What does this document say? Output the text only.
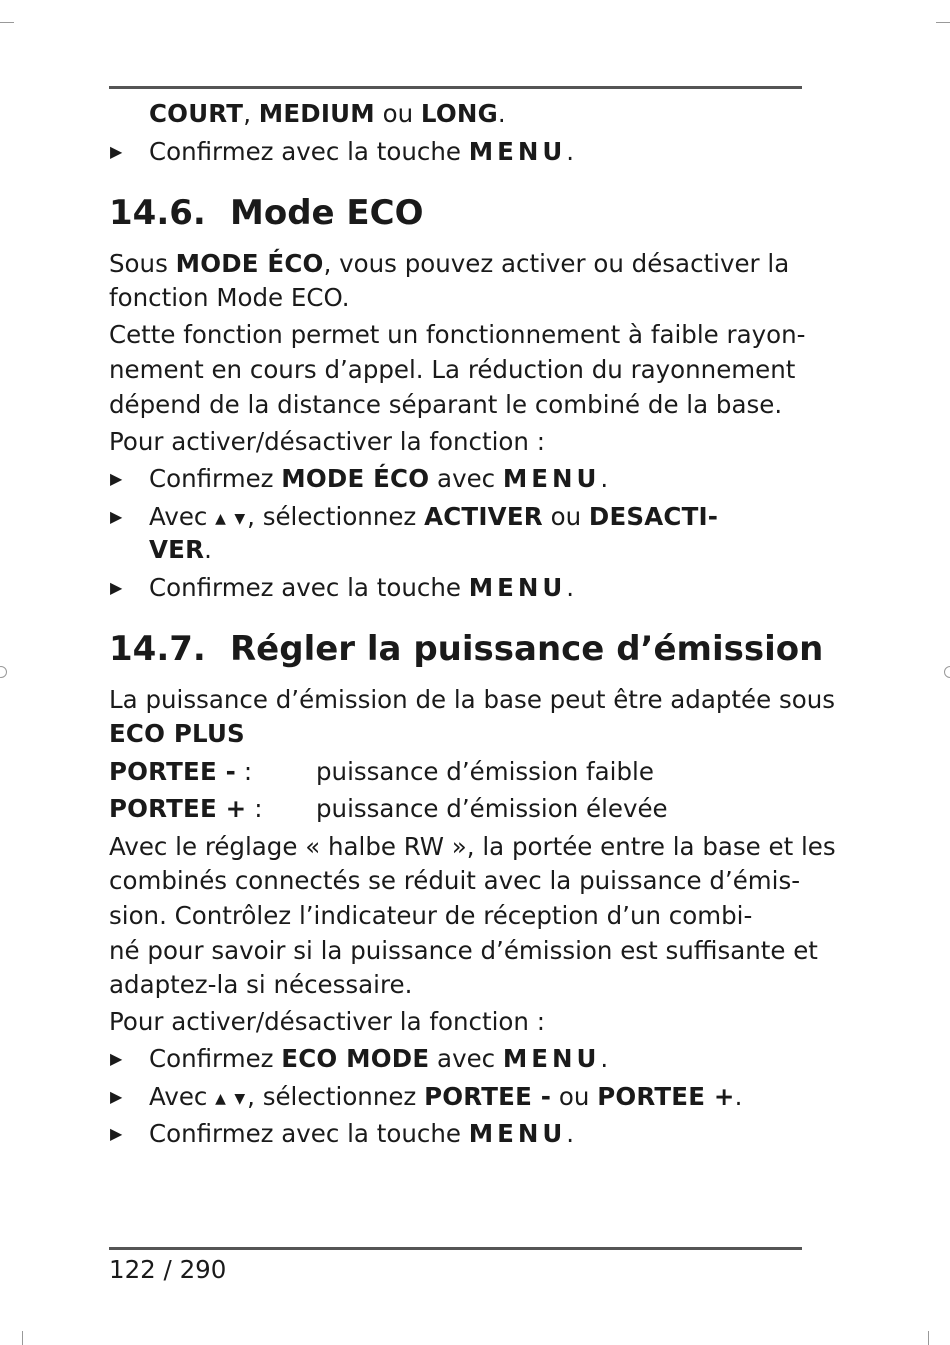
COURT, MEDIUM ou LONG.
▶ Confirmez avec la touche MENU.
14.6. Mode ECO
Sous MODE ÉCO, vous pouvez activer ou désactiver la
fonction Mode ECO.
Cette fonction permet un fonctionnement à faible rayon-
nement en cours d’appel. La réduction du rayonnement
dépend de la distance séparant le combiné de la base.
Pour activer/désactiver la fonction :
▶ Confirmez MODE ÉCO avec MENU.
▶ Avec ▲ ▼, sélectionnez ACTIVER ou DESACTI-
VER.
▶ Confirmez avec la touche MENU.
14.7. Régler la puissance d’émission
La puissance d’émission de la base peut être adaptée sous
ECO PLUS
PORTEE - :	puissance d’émission faible
PORTEE + : puissance d’émission élevée
Avec le réglage « halbe RW », la portée entre la base et les
combinés connectés se réduit avec la puissance d’émis-
sion. Contrôlez l’indicateur de réception d’un combi-
né pour savoir si la puissance d’émission est suffisante et
adaptez-la si nécessaire.
Pour activer/désactiver la fonction :
▶ Confirmez ECO MODE avec MENU.
▶ Avec ▲ ▼, sélectionnez PORTEE - ou PORTEE +.
▶ Confirmez avec la touche MENU.
122 / 290
